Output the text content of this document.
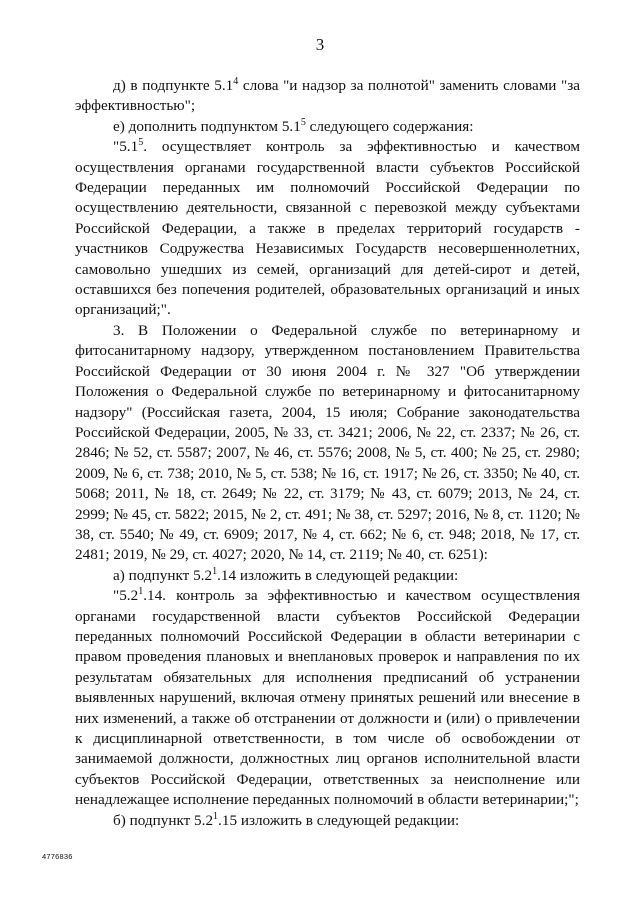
3

д) в подпункте $5.1^4$ слова "и надзор за полнотой" заменить словами "за эффективностью";

е) дополнить подпунктом $5.1^5$ следующего содержания:

"$5.1^5$. осуществляет контроль за эффективностью и качеством осуществления органами государственной власти субъектов Российской Федерации переданных им полномочий Российской Федерации по осуществлению деятельности, связанной с перевозкой между субъектами Российской Федерации, а также в пределах территорий государств - участников Содружества Независимых Государств несовершеннолетних, самовольно ушедших из семей, организаций для детей-сирот и детей, оставшихся без попечения родителей, образовательных организаций и иных организаций;".

3. В Положении о Федеральной службе по ветеринарному и фитосанитарному надзору, утвержденном постановлением Правительства Российской Федерации от 30 июня 2004 г. № 327 "Об утверждении Положения о Федеральной службе по ветеринарному и фитосанитарному надзору" (Российская газета, 2004, 15 июля; Собрание законодательства Российской Федерации, 2005, № 33, ст. 3421; 2006, № 22, ст. 2337; № 26, ст. 2846; № 52, ст. 5587; 2007, № 46, ст. 5576; 2008, № 5, ст. 400; № 25, ст. 2980; 2009, № 6, ст. 738; 2010, № 5, ст. 538; № 16, ст. 1917; № 26, ст. 3350; № 40, ст. 5068; 2011, № 18, ст. 2649; № 22, ст. 3179; № 43, ст. 6079; 2013, № 24, ст. 2999; № 45, ст. 5822; 2015, № 2, ст. 491; № 38, ст. 5297; 2016, № 8, ст. 1120; № 38, ст. 5540; № 49, ст. 6909; 2017, № 4, ст. 662; № 6, ст. 948; 2018, № 17, ст. 2481; 2019, № 29, ст. 4027; 2020, № 14, ст. 2119; № 40, ст. 6251):

а) подпункт $5.2^1.14$ изложить в следующей редакции:

"$5.2^1.14$. контроль за эффективностью и качеством осуществления органами государственной власти субъектов Российской Федерации переданных полномочий Российской Федерации в области ветеринарии с правом проведения плановых и внеплановых проверок и направления по их результатам обязательных для исполнения предписаний об устранении выявленных нарушений, включая отмену принятых решений или внесение в них изменений, а также об отстранении от должности и (или) о привлечении к дисциплинарной ответственности, в том числе об освобождении от занимаемой должности, должностных лиц органов исполнительной власти субъектов Российской Федерации, ответственных за неисполнение или ненадлежащее исполнение переданных полномочий в области ветеринарии;";

б) подпункт $5.2^1.15$ изложить в следующей редакции:

4776836
